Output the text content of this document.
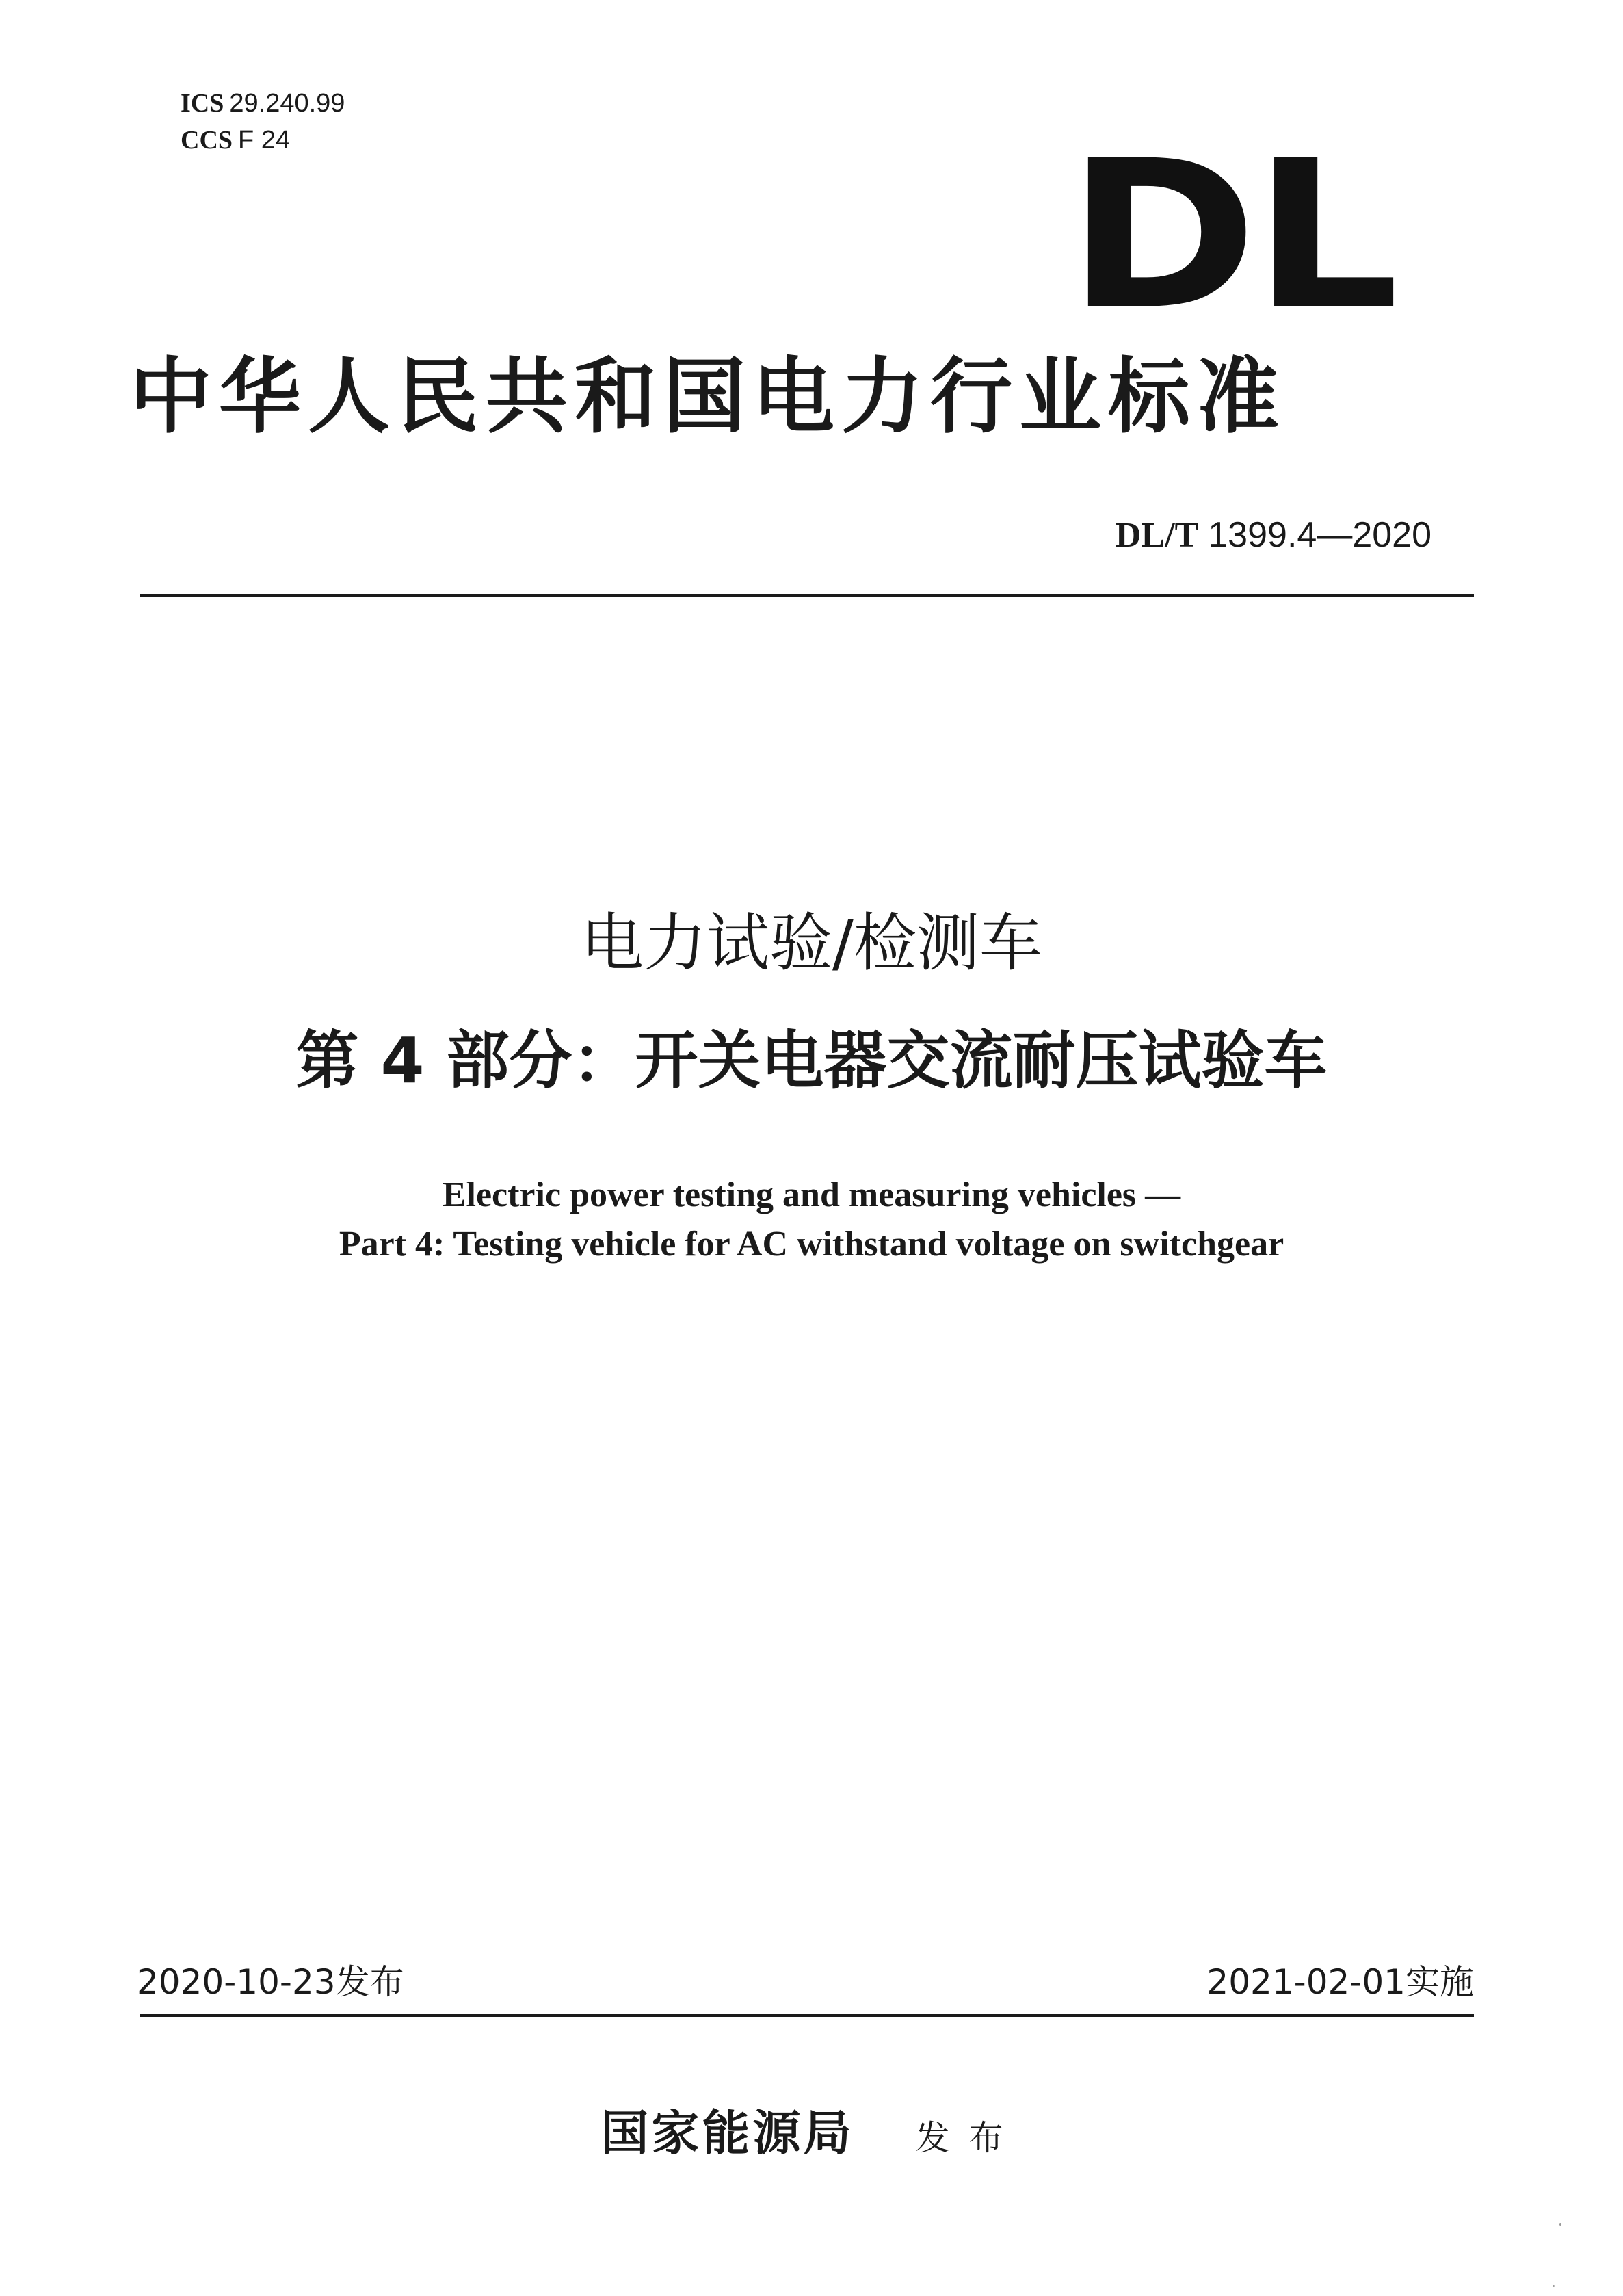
ICS 29.240.99
CCS F 24	DL
中华人民共和国电力行业标准
DL/T 1399.4—2020
电力试验/检测车
第 4 部分：开关电器交流耐压试验车
Electric power testing and measuring vehicles —
Part 4: Testing vehicle for AC withstand voltage on switchgear
2020-10-23发布	2021-02-01实施
国家能源局 发布
